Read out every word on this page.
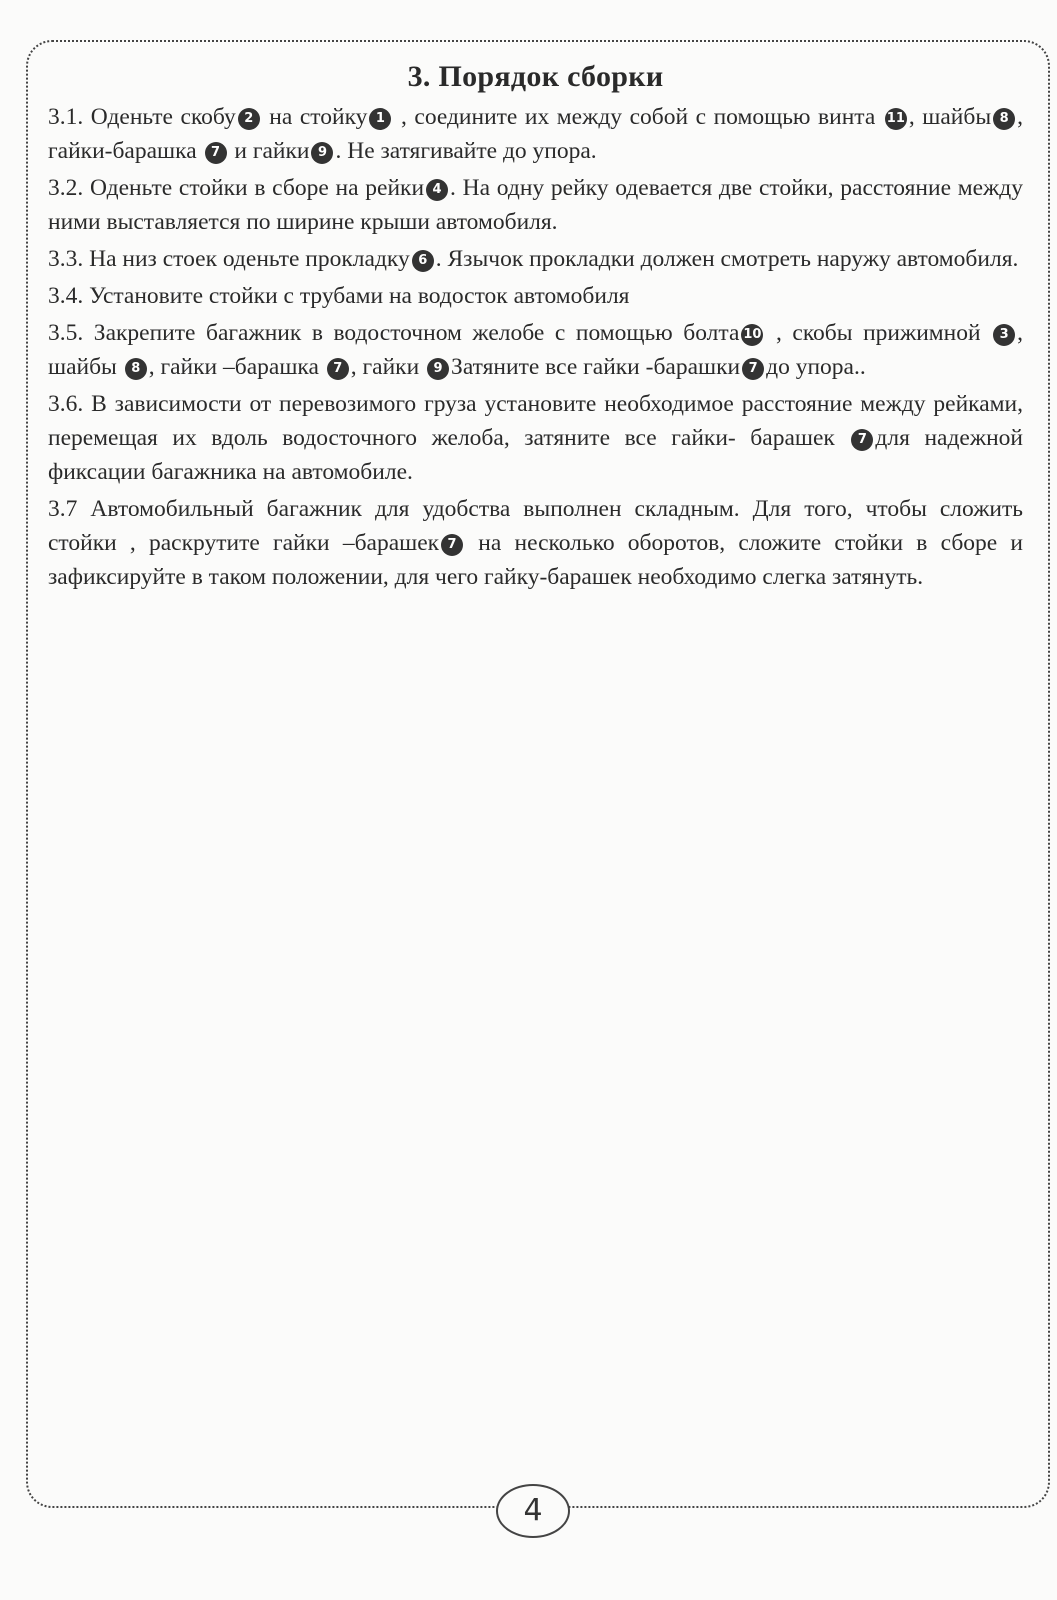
3. Порядок сборки

3.1. Оденьте скобу 2 на стойку 1 , соедините их между собой с помощью винта 11 , шайбы 8 , гайки-барашка 7 и гайки 9 . Не затягивайте до упора.

3.2. Оденьте стойки в сборе на рейки 4 . На одну рейку одевается две стойки, расстояние между ними выставляется по ширине крыши автомобиля.

3.3. На низ стоек оденьте прокладку 6 . Язычок прокладки должен смотреть наружу автомобиля.

3.4. Установите стойки с трубами на водосток автомобиля

3.5. Закрепите багажник в водосточном желобе с помощью болта 10 , скобы прижимной 3 , шайбы 8 , гайки –барашка 7 , гайки 9 Затяните все гайки -барашки 7 до упора..

3.6. В зависимости от перевозимого груза установите необходимое расстояние между рейками, перемещая их вдоль водосточного желоба, затяните все гайки- барашек 7 для надежной фиксации багажника на автомобиле.

3.7 Автомобильный багажник для удобства выполнен складным. Для того, чтобы сложить стойки , раскрутите гайки –барашек 7 на несколько оборотов, сложите стойки в сборе и зафиксируйте в таком положении, для чего гайку-барашек необходимо слегка затянуть.

4
